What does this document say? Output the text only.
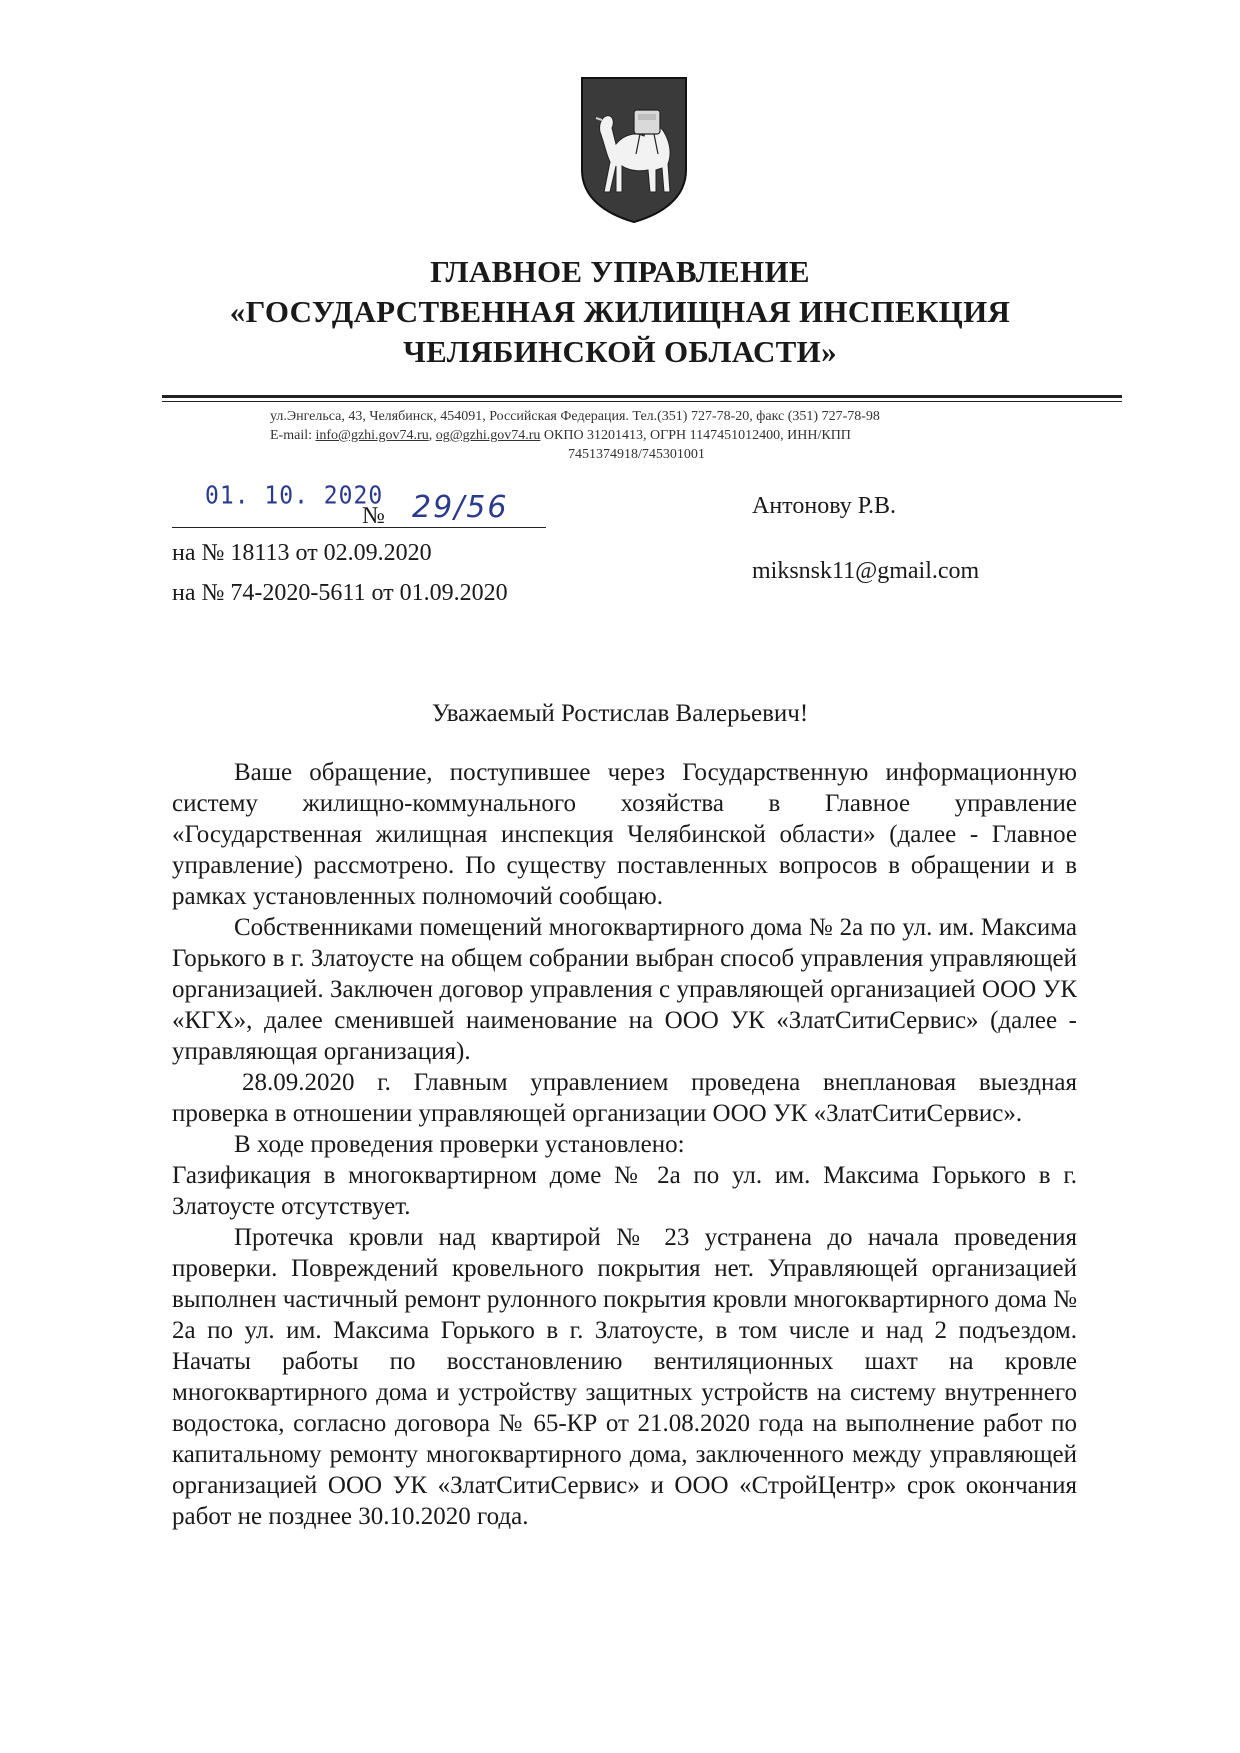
ГЛАВНОЕ УПРАВЛЕНИЕ
«ГОСУДАРСТВЕННАЯ ЖИЛИЩНАЯ ИНСПЕКЦИЯ
ЧЕЛЯБИНСКОЙ ОБЛАСТИ»
ул.Энгельса, 43, Челябинск, 454091, Российская Федерация. Тел.(351) 727-78-20, факс (351) 727-78-98
E-mail: info@gzhi.gov74.ru, og@gzhi.gov74.ru ОКПО 31201413, ОГРН 1147451012400, ИНН/КПП
7451374918/745301001
01. 10. 2020
№ 29/56
на № 18113 от 02.09.2020
на № 74-2020-5611 от 01.09.2020
Антонову Р.В.
miksnsk11@gmail.com
Уважаемый Ростислав Валерьевич!

Ваше обращение, поступившее через Государственную информационную систему жилищно-коммунального хозяйства в Главное управление «Государственная жилищная инспекция Челябинской области» (далее - Главное управление) рассмотрено. По существу поставленных вопросов в обращении и в рамках установленных полномочий сообщаю.

Собственниками помещений многоквартирного дома № 2а по ул. им. Максима Горького в г. Златоусте на общем собрании выбран способ управления управляющей организацией. Заключен договор управления с управляющей организацией ООО УК «КГХ», далее сменившей наименование на ООО УК «ЗлатСитиСервис» (далее - управляющая организация).

28.09.2020 г. Главным управлением проведена внеплановая выездная проверка в отношении управляющей организации ООО УК «ЗлатСитиСервис».

В ходе проведения проверки установлено:

Газификация в многоквартирном доме № 2а по ул. им. Максима Горького в г. Златоусте отсутствует.

Протечка кровли над квартирой № 23 устранена до начала проведения проверки. Повреждений кровельного покрытия нет. Управляющей организацией выполнен частичный ремонт рулонного покрытия кровли многоквартирного дома № 2а по ул. им. Максима Горького в г. Златоусте, в том числе и над 2 подъездом. Начаты работы по восстановлению вентиляционных шахт на кровле многоквартирного дома и устройству защитных устройств на систему внутреннего водостока, согласно договора № 65-КР от 21.08.2020 года на выполнение работ по капитальному ремонту многоквартирного дома, заключенного между управляющей организацией ООО УК «ЗлатСитиСервис» и ООО «СтройЦентр» срок окончания работ не позднее 30.10.2020 года.
